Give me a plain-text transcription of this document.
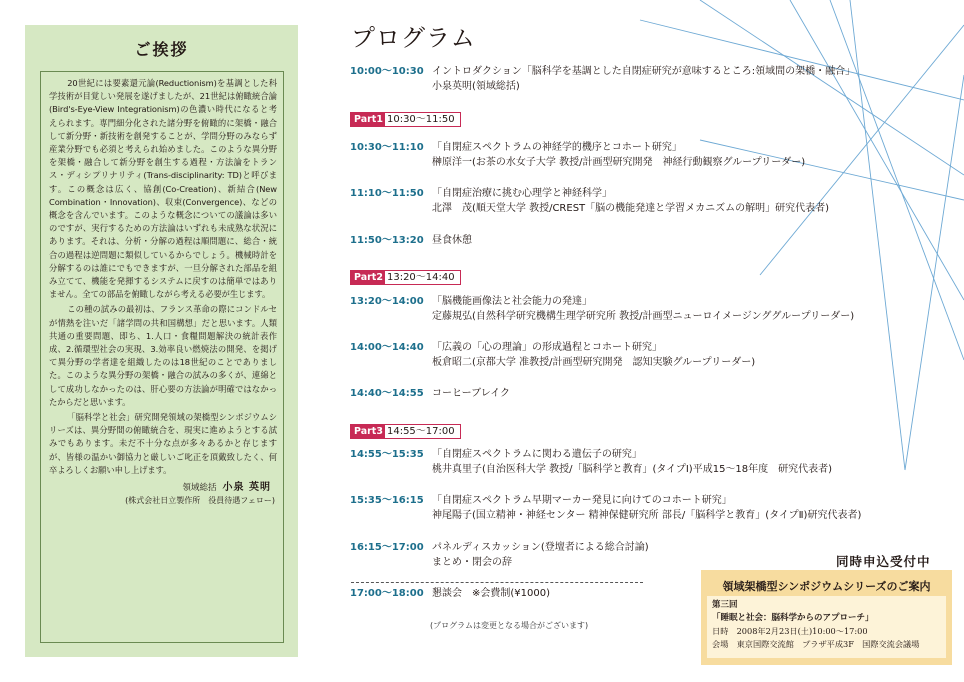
ご挨拶

20世紀には要素還元論(Reductionism)を基調とした科学技術が目覚しい発展を遂げましたが、21世紀は俯瞰統合論(Bird's-Eye-View Integrationism)の色濃い時代になると考えられます。専門細分化された諸分野を俯瞰的に架橋・融合して新分野・新技術を創発することが、学問分野のみならず産業分野でも必須と考えられ始めました。このような異分野を架橋・融合して新分野を創生する過程・方法論をトランス・ディシプリナリティ(Trans-disciplinarity: TD)と呼びます。この概念は広く、協創(Co-Creation)、新結合(New Combination・Innovation)、収束(Convergence)、などの概念を含んでいます。このような概念についての議論は多いのですが、実行するための方法論はいずれも未成熟な状況にあります。それは、分析・分解の過程は順問題に、総合・統合の過程は逆問題に類似しているからでしょう。機械時計を分解するのは誰にでもできますが、一旦分解された部品を組み立てて、機能を発揮するシステムに戻すのは簡単ではありません。全ての部品を俯瞰しながら考える必要が生じます。

この種の試みの最初は、フランス革命の際にコンドルセが情熱を注いだ「諸学問の共和国構想」だと思います。人類共通の重要問題、即ち、1.人口・食糧問題解決の統計表作成、2.循環型社会の実現、3.効率良い燃焼法の開発、を掲げて異分野の学者達を組織したのは18世紀のことでありました。このような異分野の架橋・融合の試みの多くが、連綿として成功しなかったのは、肝心要の方法論が明確ではなかったからだと思います。

「脳科学と社会」研究開発領域の架橋型シンポジウムシリーズは、異分野間の俯瞰統合を、現実に進めようとする試みでもあります。未だ不十分な点が多々あるかと存じますが、皆様の温かい御協力と厳しいご叱正を頂戴致したく、何卒よろしくお願い申し上げます。

領域総括 小泉 英明
(株式会社日立製作所　役員待遇フェロー)
プログラム
10:00～10:30 イントロダクション「脳科学を基調とした自閉症研究が意味するところ:領域間の架橋・融合」
小泉英明(領域総括)
Part1 10:30～11:50
10:30～11:10 「自閉症スペクトラムの神経学的機序とコホート研究」
榊原洋一(お茶の水女子大学 教授/計画型研究開発　神経行動観察グループリーダー)
11:10～11:50 「自閉症治療に挑む心理学と神経科学」
北澤　茂(順天堂大学 教授/CREST「脳の機能発達と学習メカニズムの解明」研究代表者)
11:50～13:20 昼食休憩
Part2 13:20～14:40
13:20～14:00 「脳機能画像法と社会能力の発達」
定藤規弘(自然科学研究機構生理学研究所 教授/計画型ニューロイメージンググループリーダー)
14:00～14:40 「広義の「心の理論」の形成過程とコホート研究」
板倉昭二(京都大学 准教授/計画型研究開発　認知実験グループリーダー)
14:40～14:55 コーヒーブレイク
Part3 14:55～17:00
14:55～15:35 「自閉症スペクトラムに関わる遺伝子の研究」
桃井真里子(自治医科大学 教授/「脳科学と教育」(タイプⅠ)平成15～18年度　研究代表者)
15:35～16:15 「自閉症スペクトラム早期マーカー発見に向けてのコホート研究」
神尾陽子(国立精神・神経センター 精神保健研究所 部長/「脳科学と教育」(タイプⅡ)研究代表者)
16:15～17:00 パネルディスカッション(登壇者による総合討論)
まとめ・閉会の辞
17:00～18:00 懇談会　※会費制(¥1000)
(プログラムは変更となる場合がございます)
同時申込受付中
領域架橋型シンポジウムシリーズのご案内
第三回
「睡眠と社会：脳科学からのアプローチ」
日時　2008年2月23日(土)10:00～17:00
会場　東京国際交流館　プラザ平成3F　国際交流会議場
